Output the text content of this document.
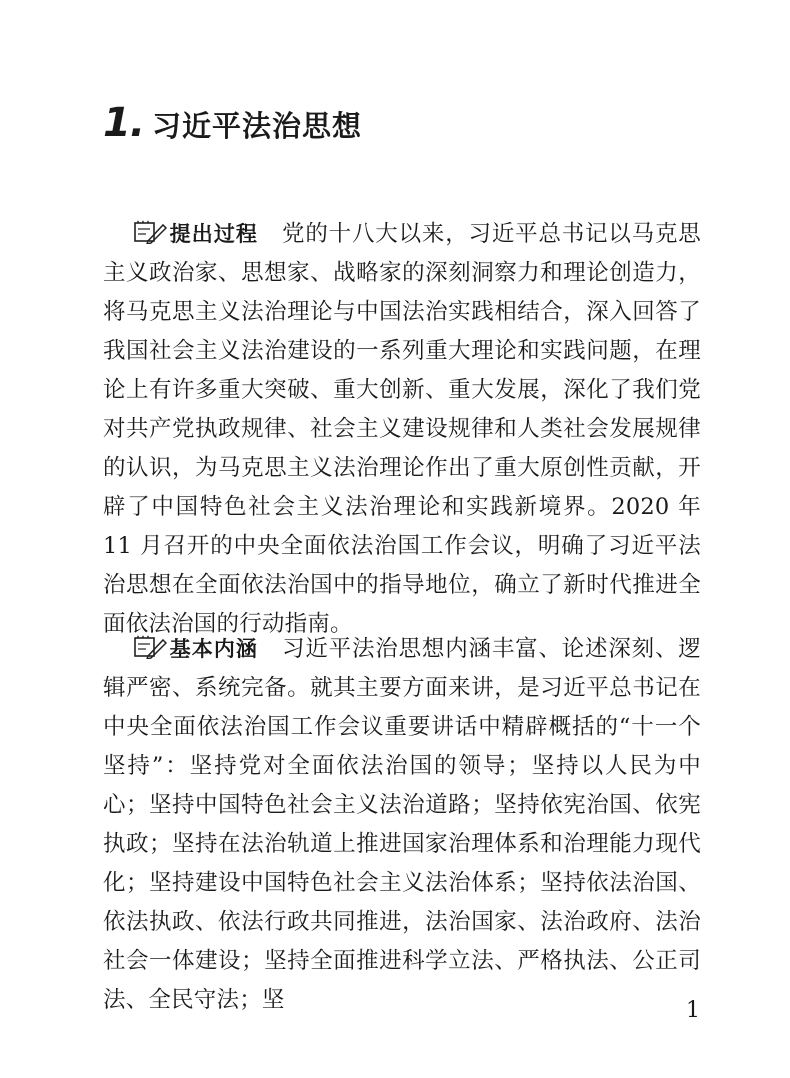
1. 习近平法治思想

提出过程 党的十八大以来，习近平总书记以马克思主义政治家、思想家、战略家的深刻洞察力和理论创造力，将马克思主义法治理论与中国法治实践相结合，深入回答了我国社会主义法治建设的一系列重大理论和实践问题，在理论上有许多重大突破、重大创新、重大发展，深化了我们党对共产党执政规律、社会主义建设规律和人类社会发展规律的认识，为马克思主义法治理论作出了重大原创性贡献，开辟了中国特色社会主义法治理论和实践新境界。2020 年 11 月召开的中央全面依法治国工作会议，明确了习近平法治思想在全面依法治国中的指导地位，确立了新时代推进全面依法治国的行动指南。

基本内涵 习近平法治思想内涵丰富、论述深刻、逻辑严密、系统完备。就其主要方面来讲，是习近平总书记在中央全面依法治国工作会议重要讲话中精辟概括的“十一个坚持”：坚持党对全面依法治国的领导；坚持以人民为中心；坚持中国特色社会主义法治道路；坚持依宪治国、依宪执政；坚持在法治轨道上推进国家治理体系和治理能力现代化；坚持建设中国特色社会主义法治体系；坚持依法治国、依法执政、依法行政共同推进，法治国家、法治政府、法治社会一体建设；坚持全面推进科学立法、严格执法、公正司法、全民守法；坚	1
